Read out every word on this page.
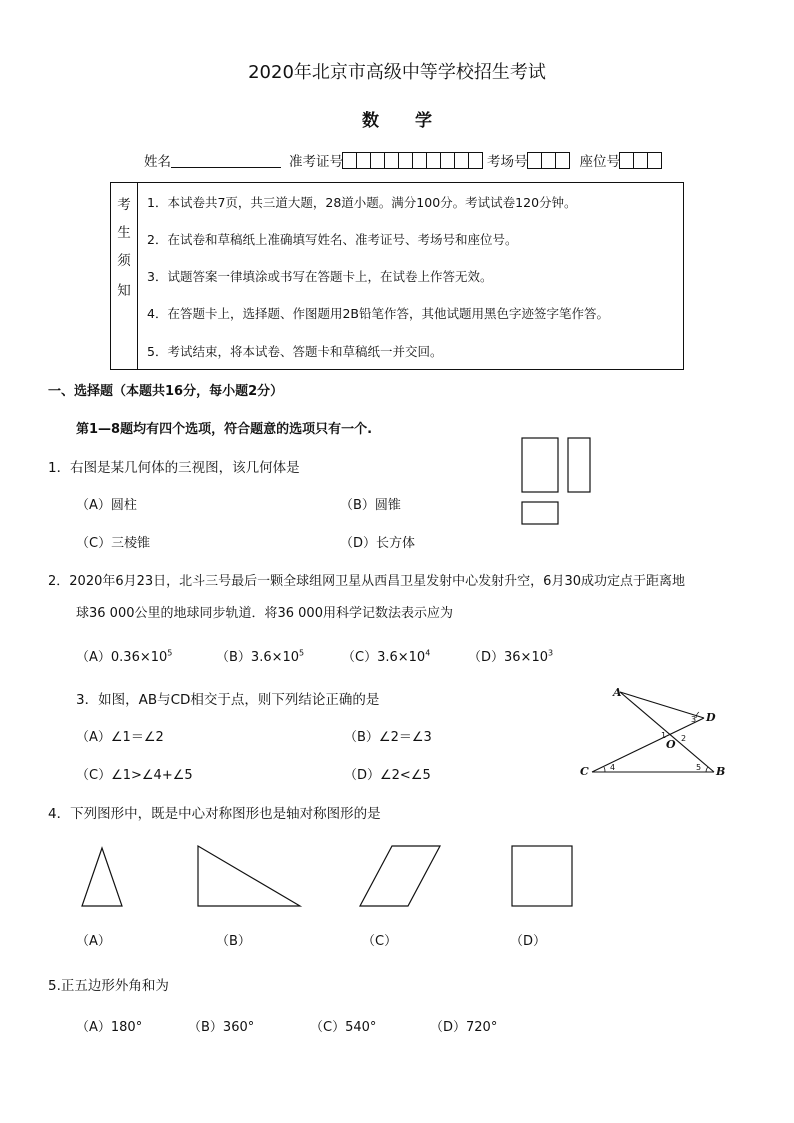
2020年北京市高级中等学校招生考试
数学
姓名	准考证号	考场号	座位号
考
生
须
知
1．本试卷共7页，共三道大题，28道小题。满分100分。考试试卷120分钟。
2．在试卷和草稿纸上准确填写姓名、准考证号、考场号和座位号。
3．试题答案一律填涂或书写在答题卡上，在试卷上作答无效。
4．在答题卡上，选择题、作图题用2B铅笔作答，其他试题用黑色字迹签字笔作答。
5．考试结束，将本试卷、答题卡和草稿纸一并交回。
一、选择题（本题共16分，每小题2分）
第1—8题均有四个选项，符合题意的选项只有一个.
1．右图是某几何体的三视图，该几何体是
（A）圆柱	（B）圆锥
（C）三棱锥	（D）长方体
2．2020年6月23日，北斗三号最后一颗全球组网卫星从西昌卫星发射中心发射升空，6月30成功定点于距离地
球36 000公里的地球同步轨道．将36 000用科学记数法表示应为
$(A)0.36\times 10^5$	$(B)3.6\times 10^5$	$(C)3.6\times 10^4$	$(D)36\times 10^3$
3．如图，AB与CD相交于点，则下列结论正确的是
（A）∠1＝∠2	（B）∠2＝∠3
（C）∠1>∠4+∠5	（D）∠2<∠5
A
B
C
D
O
1 2
3
4	5
4．下列图形中，既是中心对称图形也是轴对称图形的是
（A）	（B）	（C）	（D）
5.正五边形外角和为
（A）180°	（B）360°	（C）540°	（D）720°
